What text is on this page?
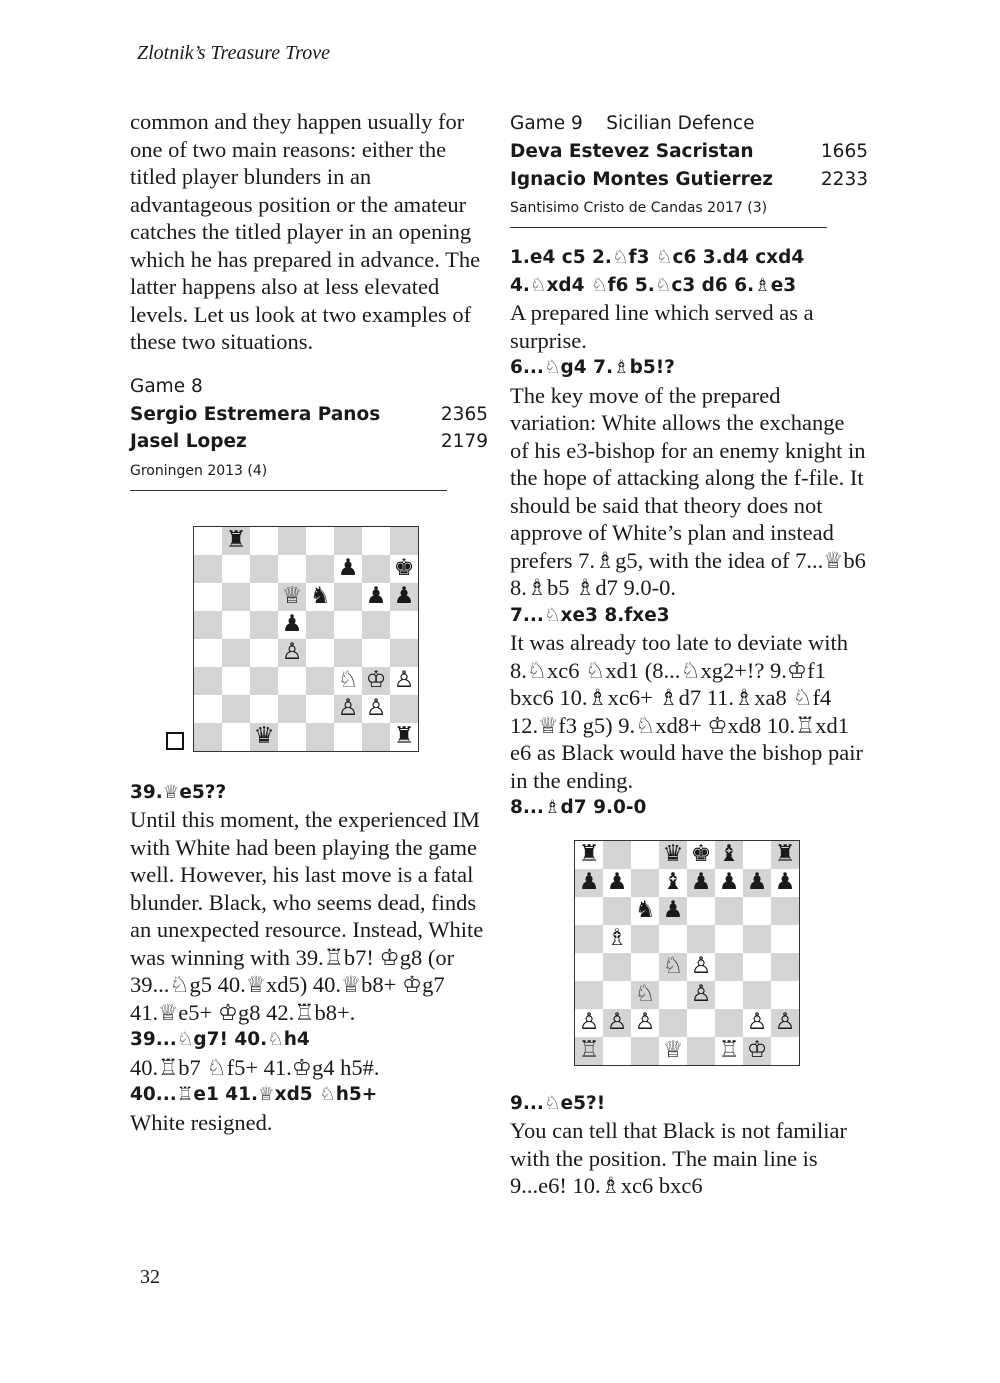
Zlotnik’s Treasure Trove

common and they happen usually for one of two main reasons: either the titled player blunders in an advantageous position or the amateur catches the titled player in an opening which he has prepared in advance. The latter happens also at less elevated levels. Let us look at two examples of these two situations.

Game 8
Sergio Estremera Panos	2365
Jasel Lopez	2179
Groningen 2013 (4)
♜
♟ ♚
♕ ♞ ♟ ♟
♟
♙
♘ ♔ ♙
♙ ♙
♛	♜

39.♕e5??

Until this moment, the experienced IM with White had been playing the game well. However, his last move is a fatal blunder. Black, who seems dead, finds an unexpected resource. Instead, White was winning with 39.♖b7! ♔g8 (or 39...♘g5 40.♕xd5) 40.♕b8+ ♔g7 41.♕e5+ ♔g8 42.♖b8+.

39...♘g7! 40.♘h4

40.♖b7 ♘f5+ 41.♔g4 h5#.

40...♖e1 41.♕xd5 ♘h5+

White resigned.

Game 9    Sicilian Defence
Deva Estevez Sacristan	1665
Ignacio Montes Gutierrez	2233
Santisimo Cristo de Candas 2017 (3)

1.e4 c5 2.♘f3 ♘c6 3.d4 cxd4 4.♘xd4 ♘f6 5.♘c3 d6 6.♗e3

A prepared line which served as a surprise.

6...♘g4 7.♗b5!?

The key move of the prepared variation: White allows the exchange of his e3-bishop for an enemy knight in the hope of attacking along the f-file. It should be said that theory does not approve of White’s plan and instead prefers 7.♗g5, with the idea of 7...♕b6 8.♗b5 ♗d7 9.0-0.

7...♘xe3 8.fxe3

It was already too late to deviate with 8.♘xc6 ♘xd1 (8...♘xg2+!? 9.♔f1 bxc6 10.♗xc6+ ♗d7 11.♗xa8 ♘f4 12.♕f3 g5) 9.♘xd8+ ♔xd8 10.♖xd1 e6 as Black would have the bishop pair in the ending.

8...♗d7 9.0-0

♜	♛ ♚ ♝ ♜
♟ ♟ ♝ ♟ ♟ ♟ ♟
♞ ♟
♗
♘ ♙
♘ ♙
♙ ♙ ♙	♙ ♙
♖	♕ ♖ ♔

9...♘e5?!

You can tell that Black is not familiar with the position. The main line is 9...e6! 10.♗xc6 bxc6

32
